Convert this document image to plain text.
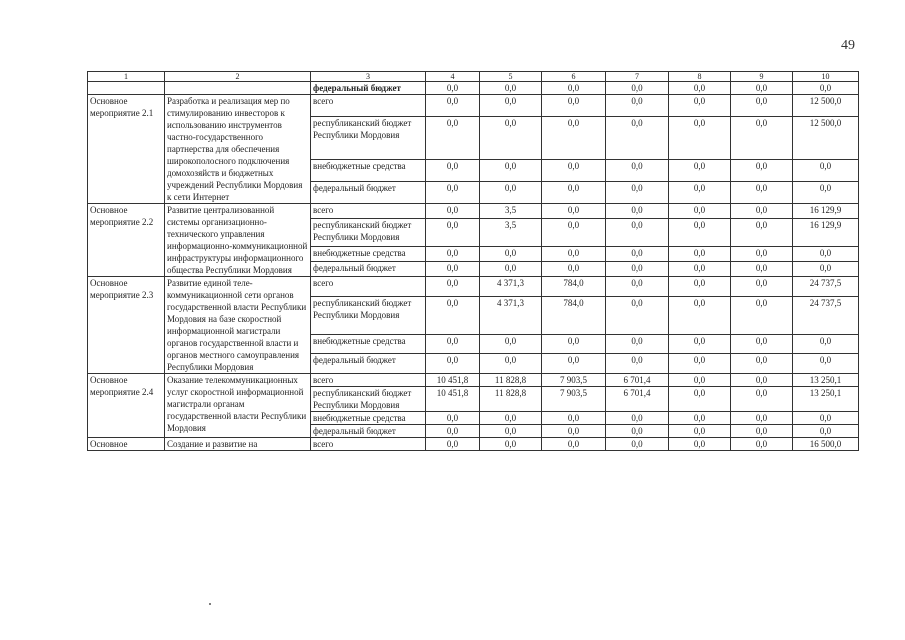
49
1	2	3	4	5	6	7	8	9	10
		федеральный бюджет	0,0	0,0	0,0	0,0	0,0	0,0	0,0
Основное мероприятие 2.1	Разработка и реализация мер по стимулированию инвесторов к использованию инструментов частно-государственного партнерства для обеспечения широкополосного подключения домохозяйств и бюджетных учреждений Республики Мордовия к сети Интернет	всего	0,0	0,0	0,0	0,0	0,0	0,0	12 500,0
		республиканский бюджет Республики Мордовия	0,0	0,0	0,0	0,0	0,0	0,0	12 500,0
		внебюджетные средства	0,0	0,0	0,0	0,0	0,0	0,0	0,0
		федеральный бюджет	0,0	0,0	0,0	0,0	0,0	0,0	0,0
Основное мероприятие 2.2	Развитие централизованной системы организационно-технического управления информационно-коммуникационной инфраструктуры информационного общества Республики Мордовия	всего	0,0	3,5	0,0	0,0	0,0	0,0	16 129,9
		республиканский бюджет Республики Мордовия	0,0	3,5	0,0	0,0	0,0	0,0	16 129,9
		внебюджетные средства	0,0	0,0	0,0	0,0	0,0	0,0	0,0
		федеральный бюджет	0,0	0,0	0,0	0,0	0,0	0,0	0,0
Основное мероприятие 2.3	Развитие единой теле-коммуникационной сети органов государственной власти Республики Мордовия на базе скоростной информационной магистрали органов государственной власти и органов местного самоуправления Республики Мордовия	всего	0,0	4 371,3	784,0	0,0	0,0	0,0	24 737,5
		республиканский бюджет Республики Мордовия	0,0	4 371,3	784,0	0,0	0,0	0,0	24 737,5
		внебюджетные средства	0,0	0,0	0,0	0,0	0,0	0,0	0,0
		федеральный бюджет	0,0	0,0	0,0	0,0	0,0	0,0	0,0
Основное мероприятие 2.4	Оказание телекоммуникационных услуг скоростной информационной магистрали органам государственной власти Республики Мордовия	всего	10 451,8	11 828,8	7 903,5	6 701,4	0,0	0,0	13 250,1
		республиканский бюджет Республики Мордовия	10 451,8	11 828,8	7 903,5	6 701,4	0,0	0,0	13 250,1
		внебюджетные средства	0,0	0,0	0,0	0,0	0,0	0,0	0,0
		федеральный бюджет	0,0	0,0	0,0	0,0	0,0	0,0	0,0
Основное	Создание и развитие на	всего	0,0	0,0	0,0	0,0	0,0	0,0	16 500,0
